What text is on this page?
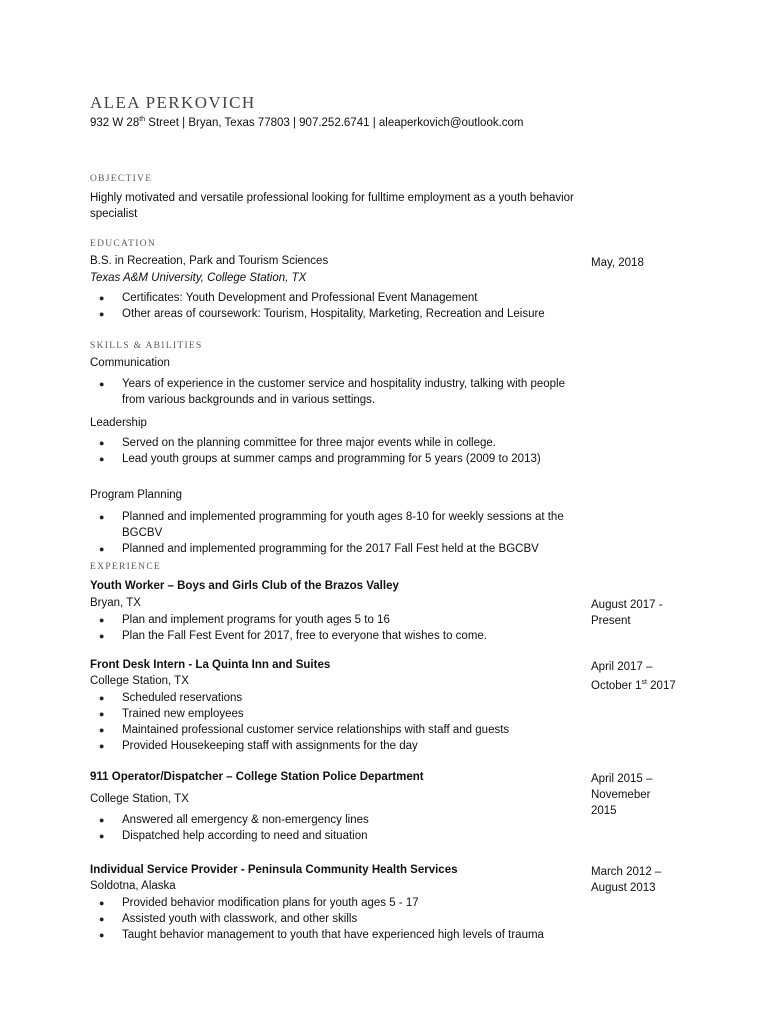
ALEA PERKOVICH
932 W 28th Street | Bryan, Texas 77803 | 907.252.6741 | aleaperkovich@outlook.com
OBJECTIVE
Highly motivated and versatile professional looking for fulltime employment as a youth behavior specialist
EDUCATION
B.S. in Recreation, Park and Tourism Sciences	May, 2018
Texas A&M University, College Station, TX
● Certificates: Youth Development and Professional Event Management
● Other areas of coursework: Tourism, Hospitality, Marketing, Recreation and Leisure
SKILLS & ABILITIES
Communication
● Years of experience in the customer service and hospitality industry, talking with people from various backgrounds and in various settings.
Leadership
● Served on the planning committee for three major events while in college.
● Lead youth groups at summer camps and programming for 5 years (2009 to 2013)
Program Planning
● Planned and implemented programming for youth ages 8-10 for weekly sessions at the BGCBV
● Planned and implemented programming for the 2017 Fall Fest held at the BGCBV
EXPERIENCE
Youth Worker – Boys and Girls Club of the Brazos Valley
Bryan, TX	August 2017 - Present
● Plan and implement programs for youth ages 5 to 16
● Plan the Fall Fest Event for 2017, free to everyone that wishes to come.
Front Desk Intern - La Quinta Inn and Suites	April 2017 –
October 1st 2017
College Station, TX
● Scheduled reservations
● Trained new employees
● Maintained professional customer service relationships with staff and guests
● Provided Housekeeping staff with assignments for the day
911 Operator/Dispatcher – College Station Police Department	April 2015 – Novemeber 2015
College Station, TX
● Answered all emergency & non-emergency lines
● Dispatched help according to need and situation
Individual Service Provider - Peninsula Community Health Services	March 2012 – August 2013
Soldotna, Alaska
● Provided behavior modification plans for youth ages 5 - 17
● Assisted youth with classwork, and other skills
● Taught behavior management to youth that have experienced high levels of trauma
